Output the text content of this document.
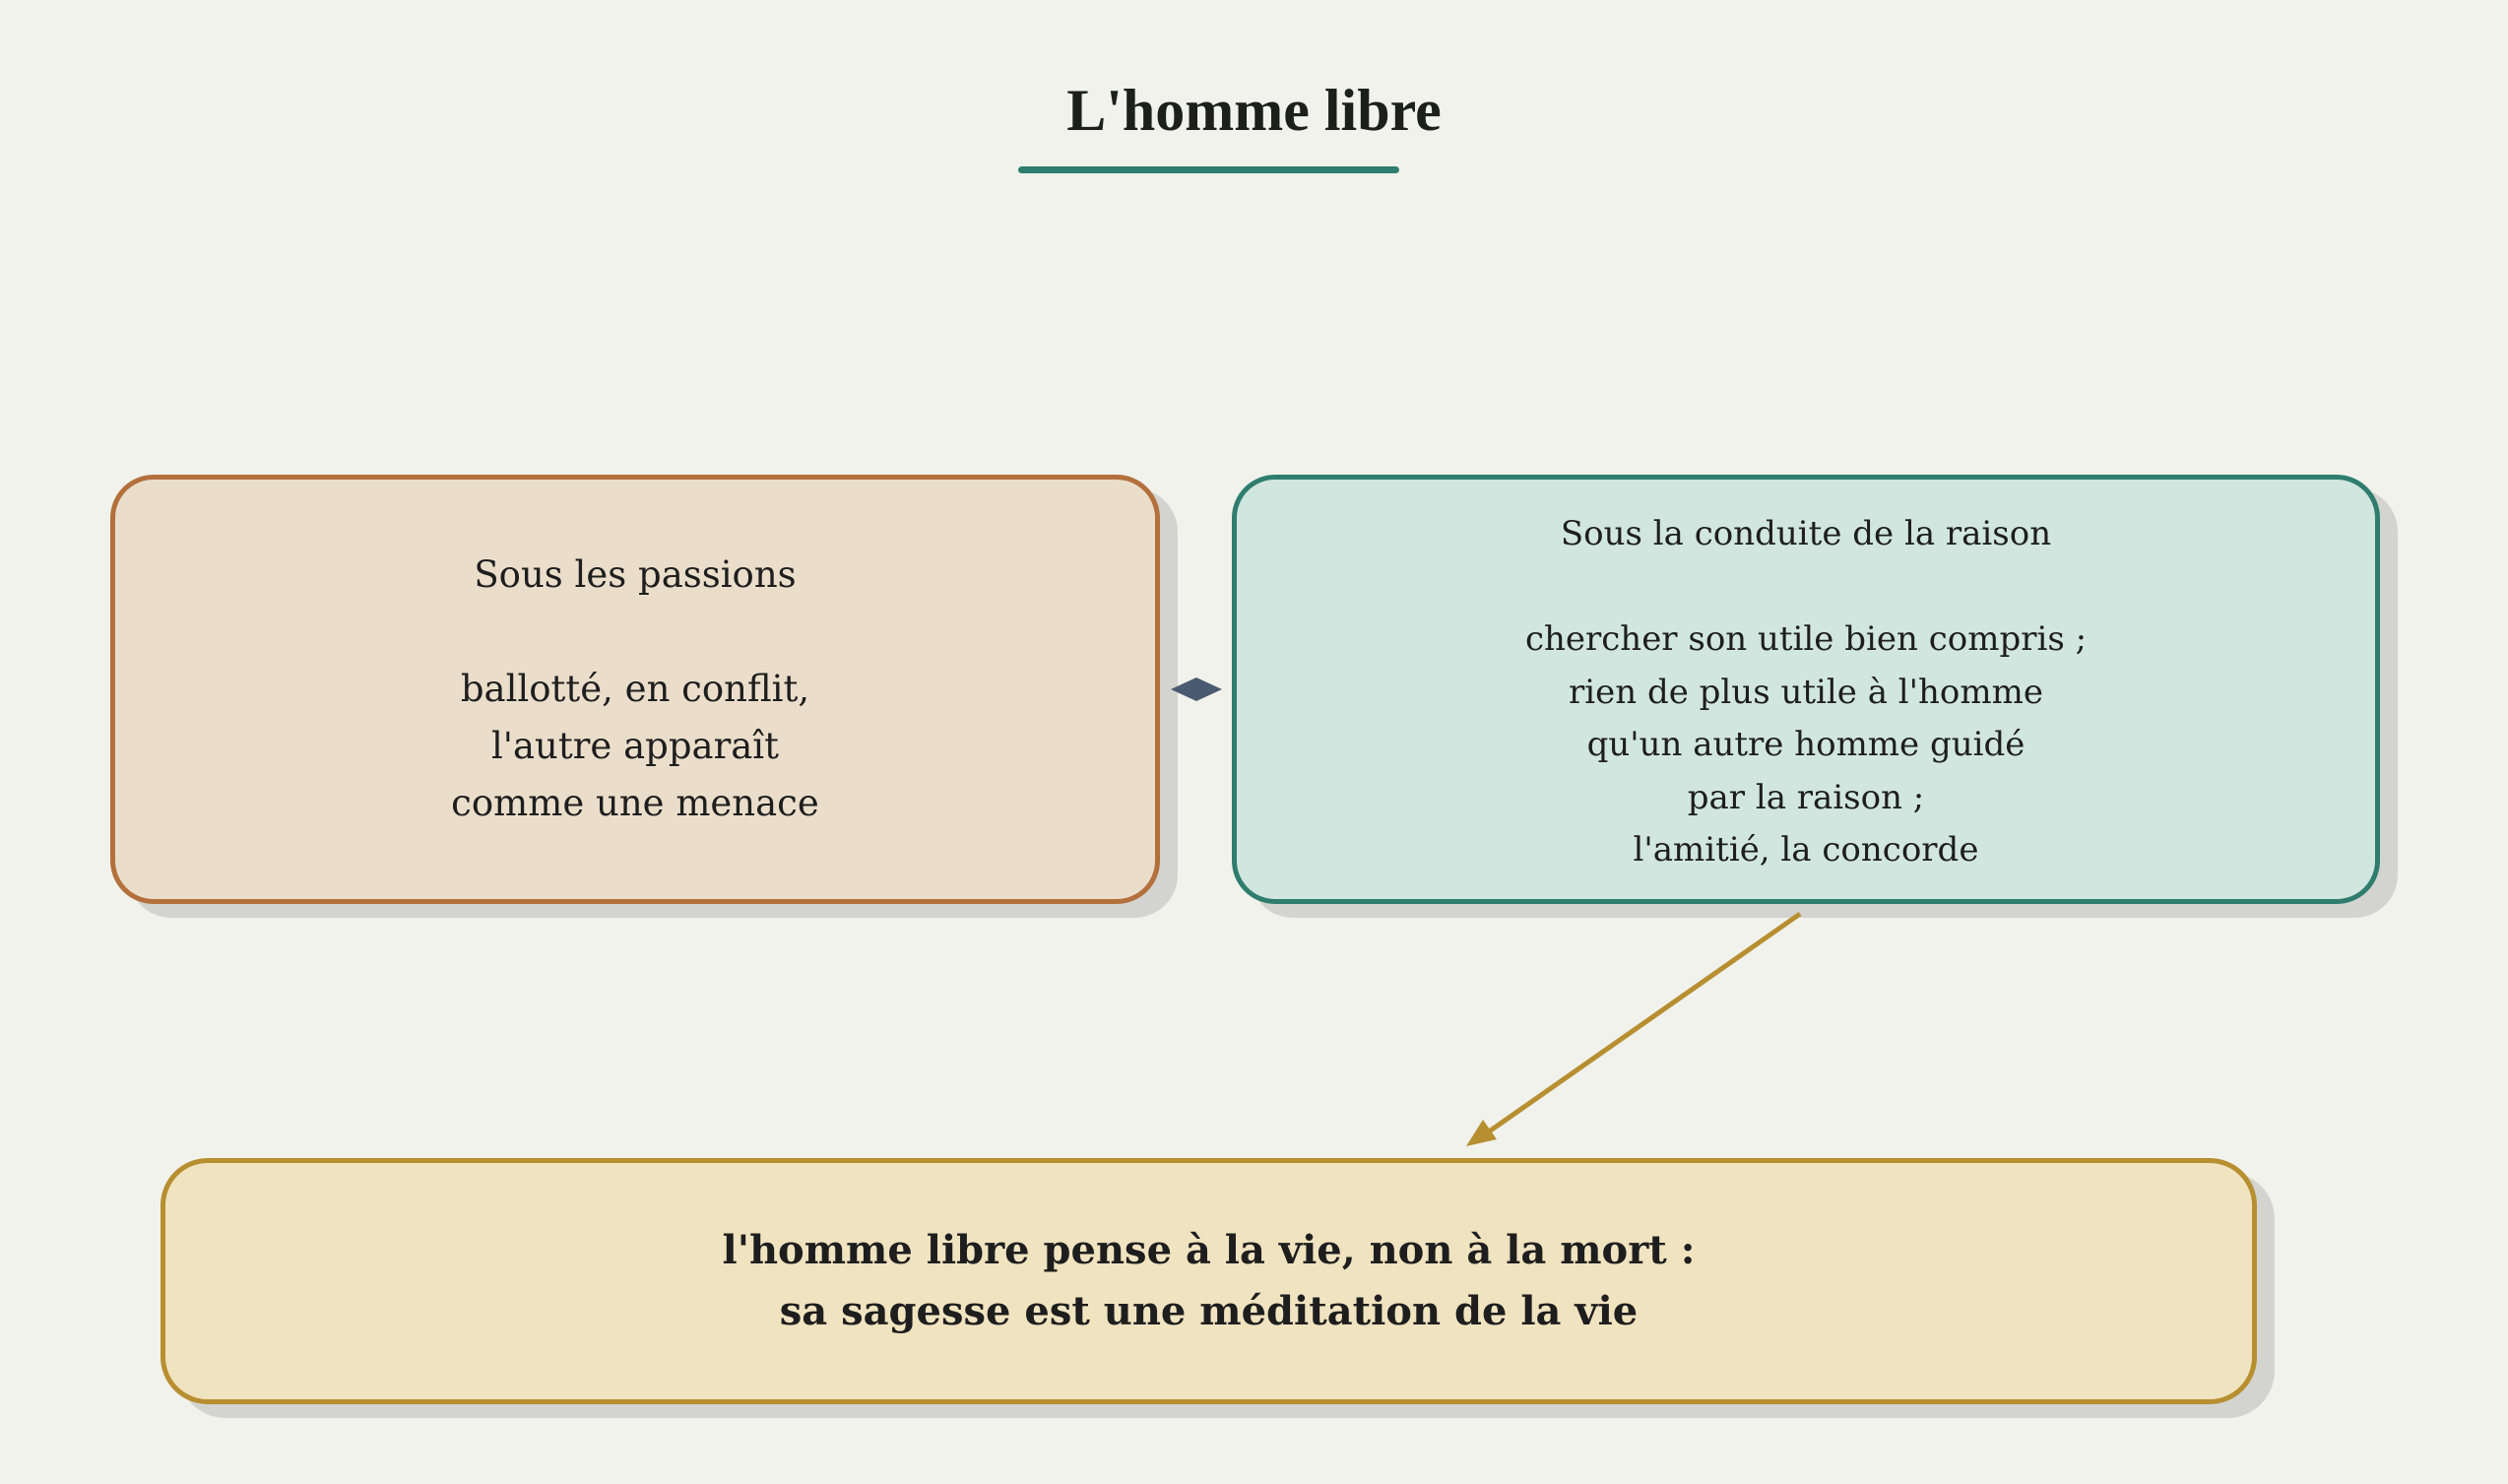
L'homme libre
Sous les passions
ballotté, en conflit,
l'autre apparaît
comme une menace
Sous la conduite de la raison
chercher son utile bien compris ;
rien de plus utile à l'homme
qu'un autre homme guidé
par la raison ;
l'amitié, la concorde
l'homme libre pense à la vie, non à la mort :
sa sagesse est une méditation de la vie
